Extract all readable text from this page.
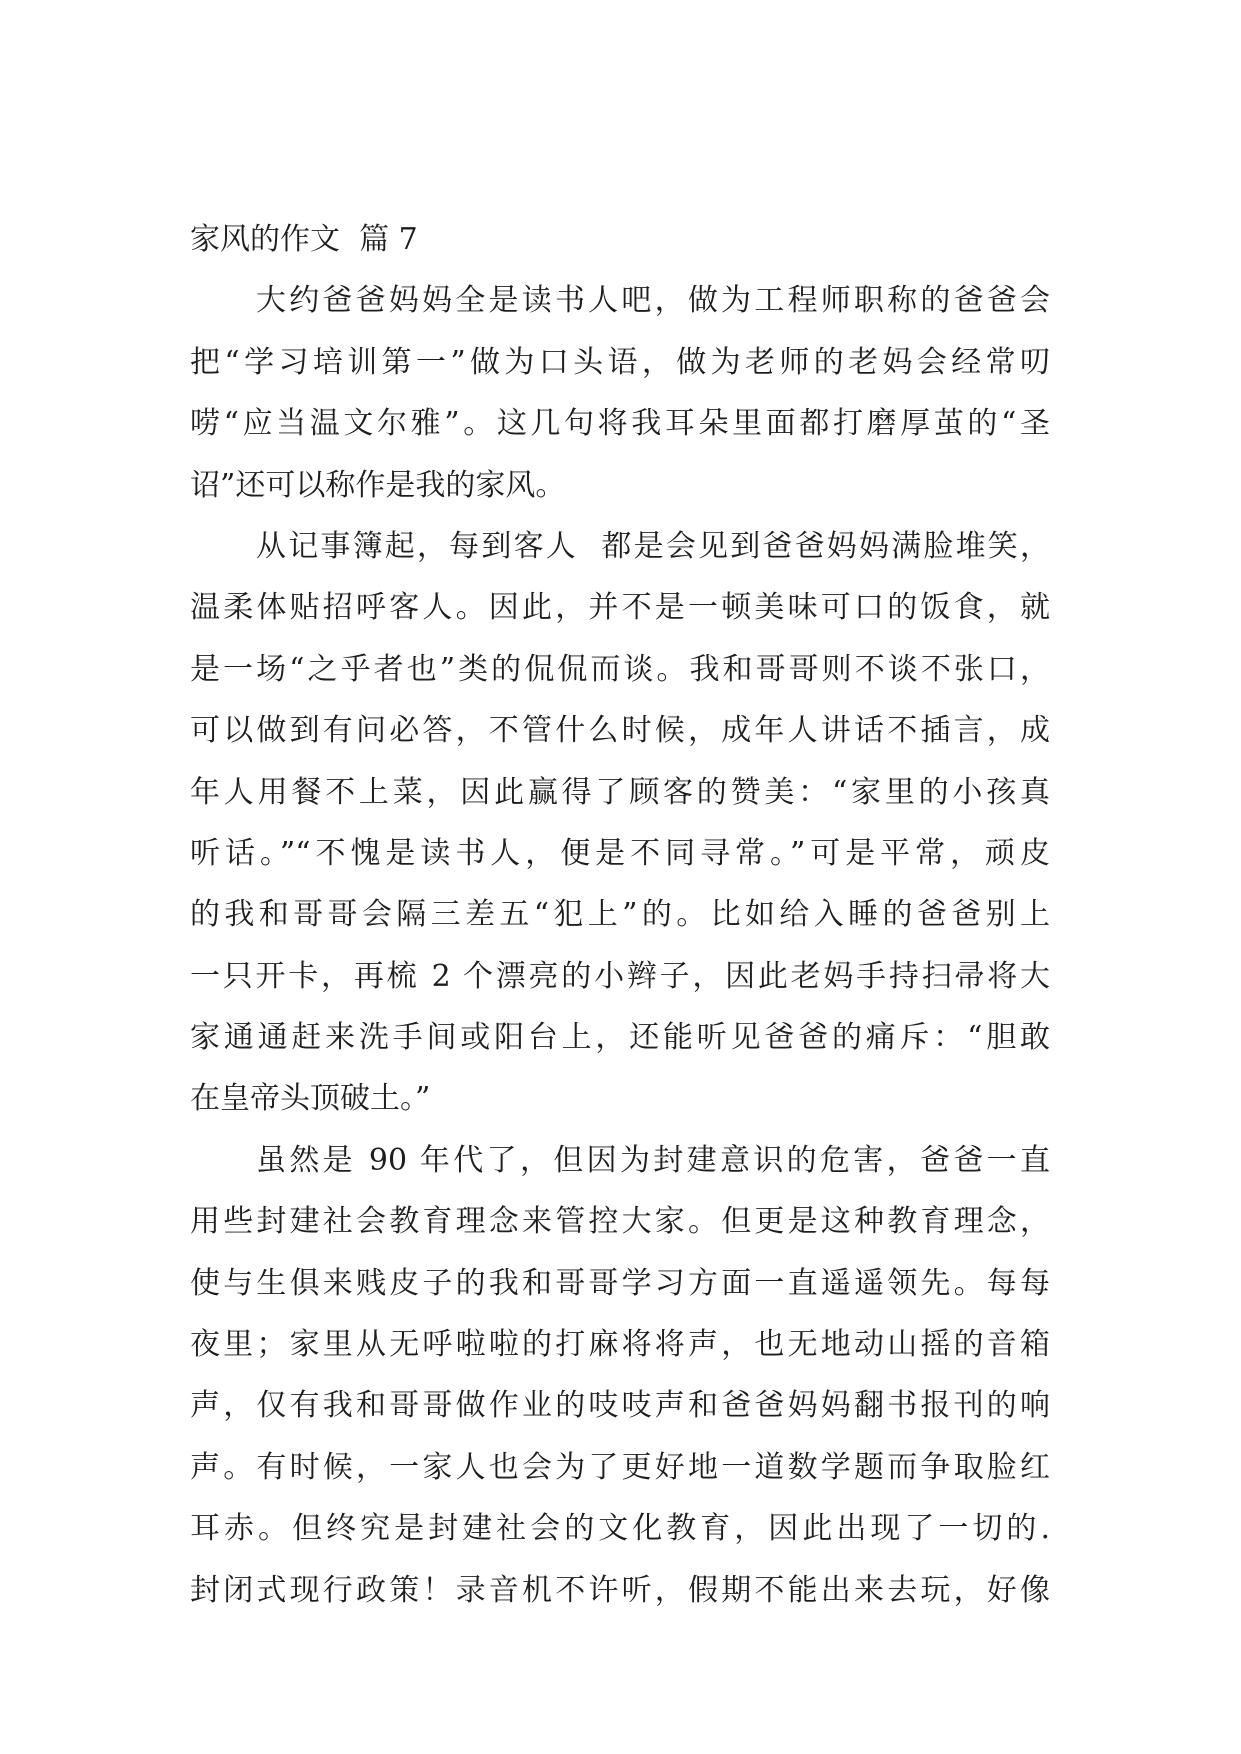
家风的作文  篇 7
大约爸爸妈妈全是读书人吧，做为工程师职称的爸爸会
把“学习培训第一”做为口头语，做为老师的老妈会经常叨
唠“应当温文尔雅”。这几句将我耳朵里面都打磨厚茧的“圣
诏”还可以称作是我的家风。
从记事簿起，每到客人  都是会见到爸爸妈妈满脸堆笑，
温柔体贴招呼客人。因此，并不是一顿美味可口的饭食，就
是一场“之乎者也”类的侃侃而谈。我和哥哥则不谈不张口，
可以做到有问必答，不管什么时候，成年人讲话不插言，成
年人用餐不上菜，因此赢得了顾客的赞美：“家里的小孩真
听话。”“不愧是读书人，便是不同寻常。”可是平常，顽皮
的我和哥哥会隔三差五“犯上”的。比如给入睡的爸爸别上
一只开卡，再梳 2 个漂亮的小辫子，因此老妈手持扫帚将大
家通通赶来洗手间或阳台上，还能听见爸爸的痛斥：“胆敢
在皇帝头顶破土。”
虽然是 90 年代了，但因为封建意识的危害，爸爸一直
用些封建社会教育理念来管控大家。但更是这种教育理念，
使与生俱来贱皮子的我和哥哥学习方面一直遥遥领先。每每
夜里；家里从无呼啦啦的打麻将将声，也无地动山摇的音箱
声，仅有我和哥哥做作业的吱吱声和爸爸妈妈翻书报刊的响
声。有时候，一家人也会为了更好地一道数学题而争取脸红
耳赤。但终究是封建社会的文化教育，因此出现了一切的.
封闭式现行政策！录音机不许听，假期不能出来去玩，好像
